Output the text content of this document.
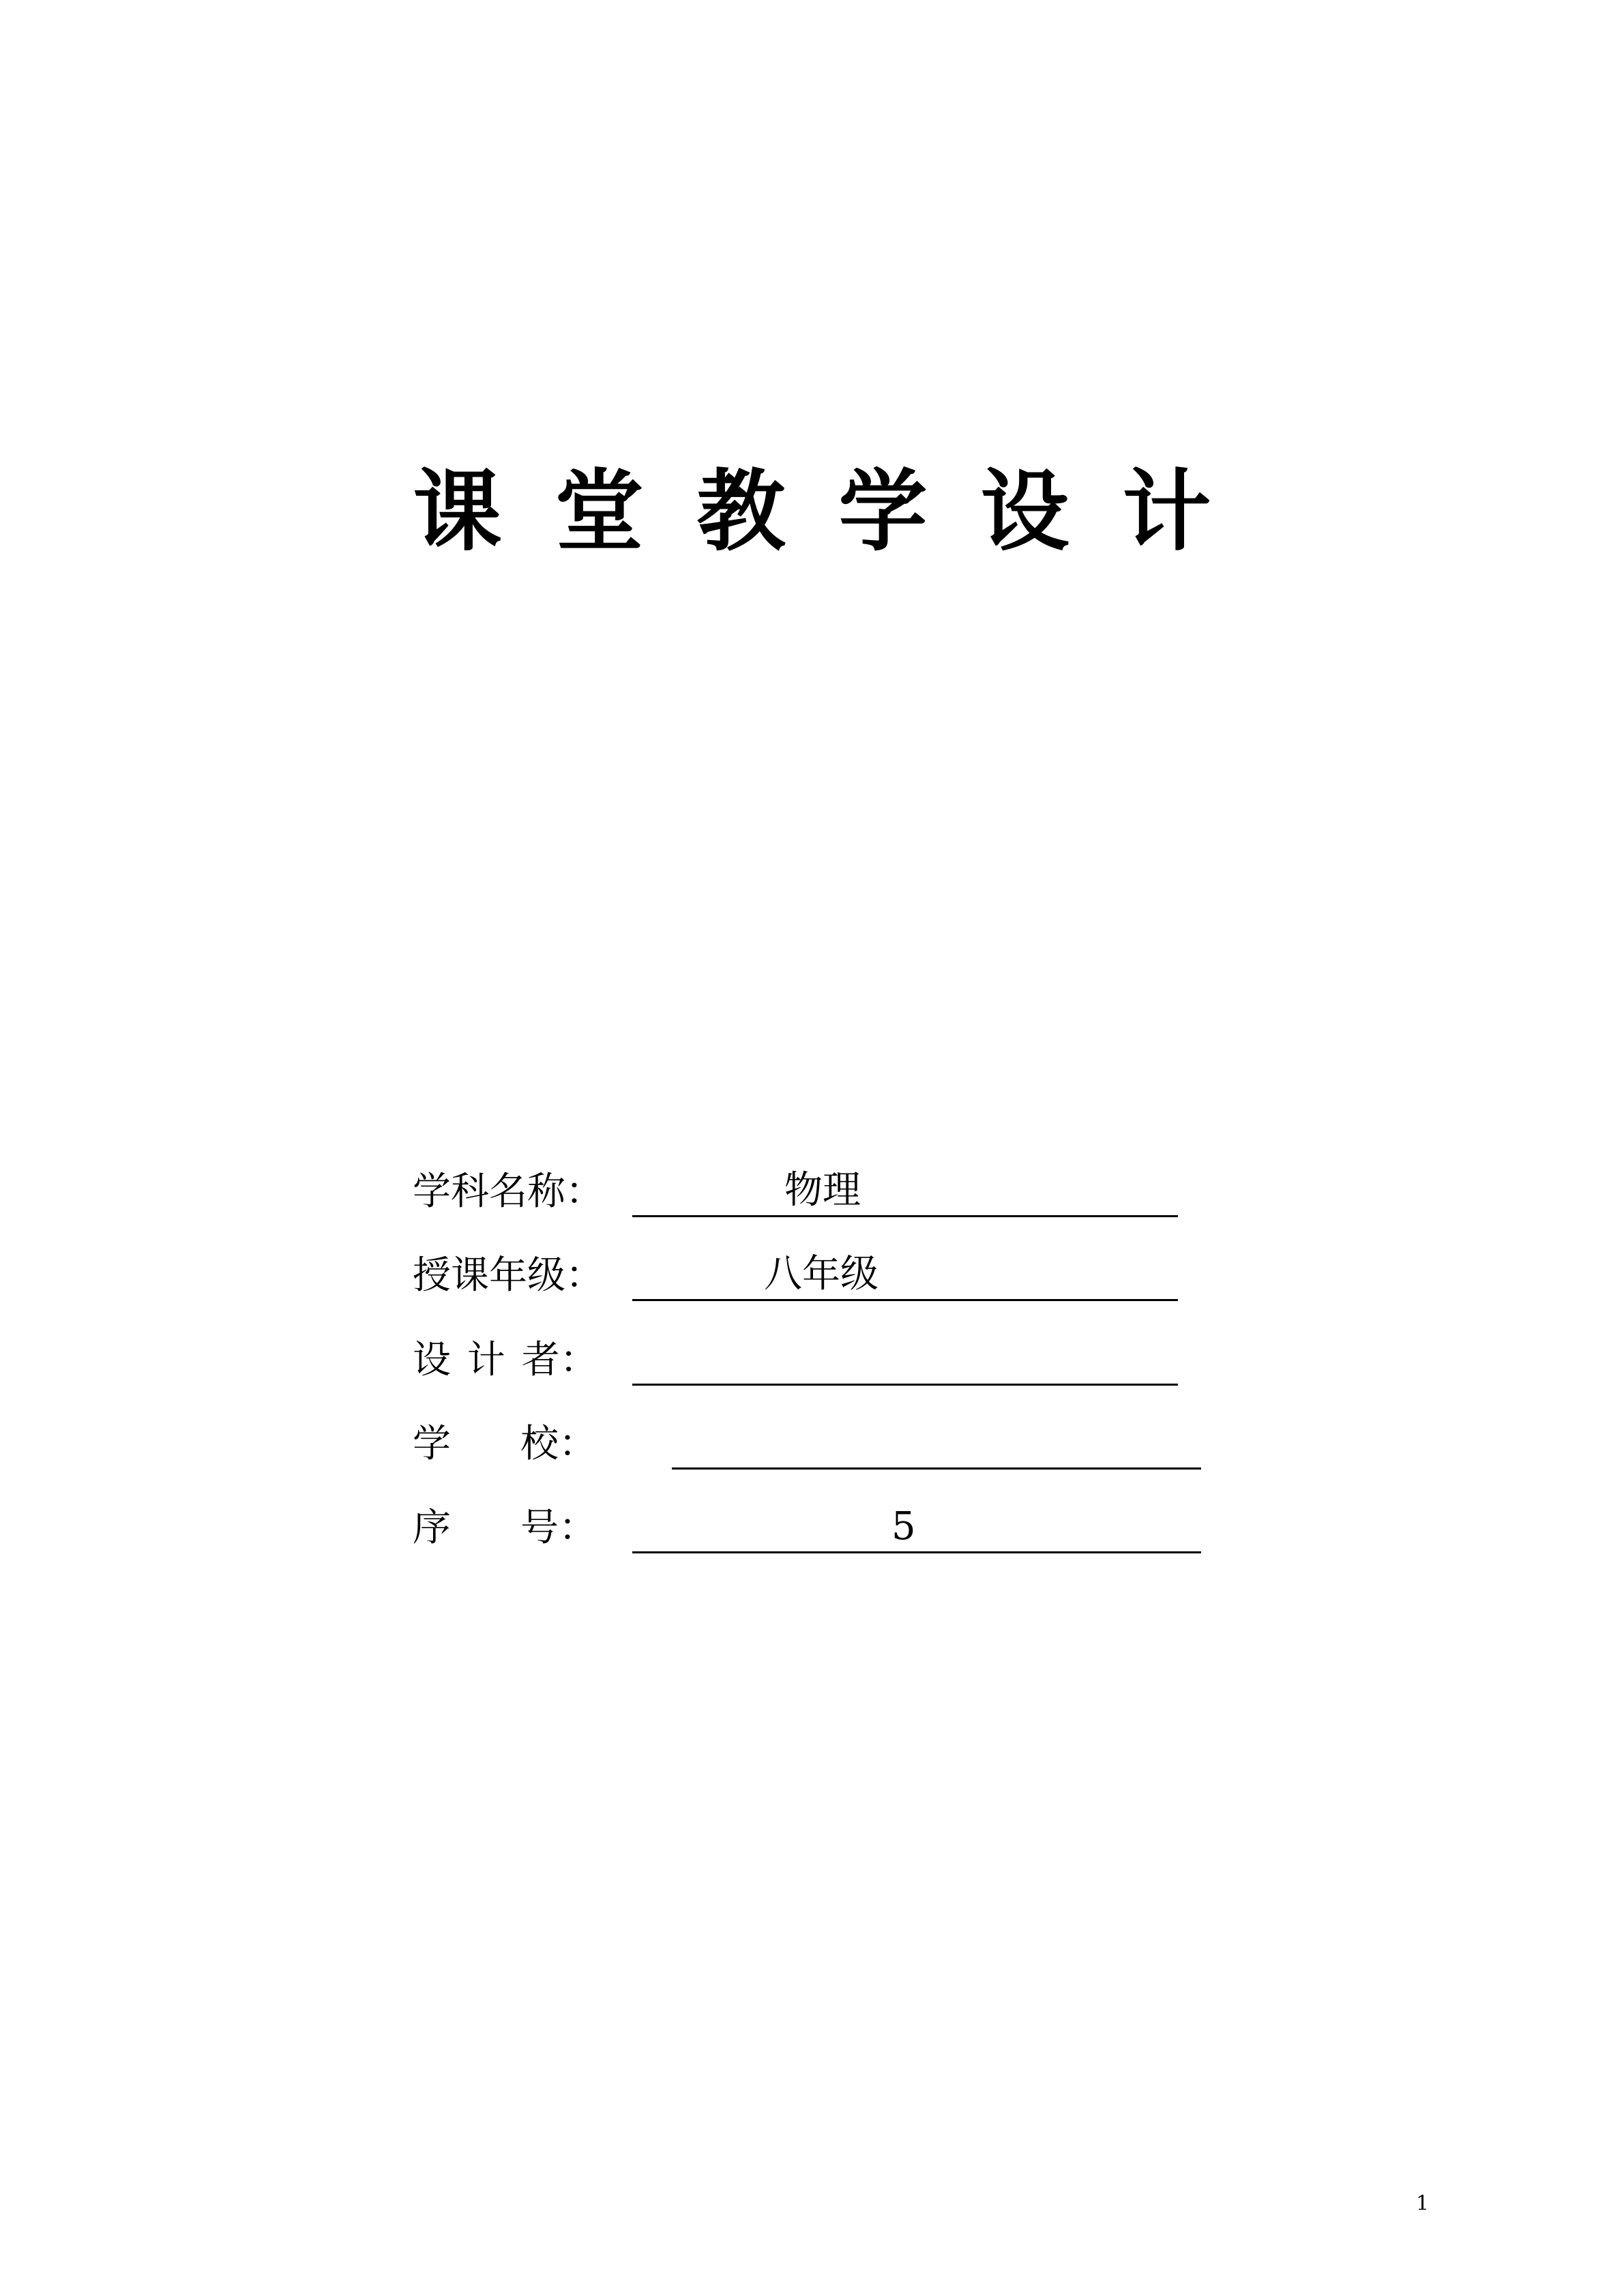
课堂教学设计
学科名称：	物理
授课年级：	八年级
设 计 者：
学 校：
序 号：	5
1
